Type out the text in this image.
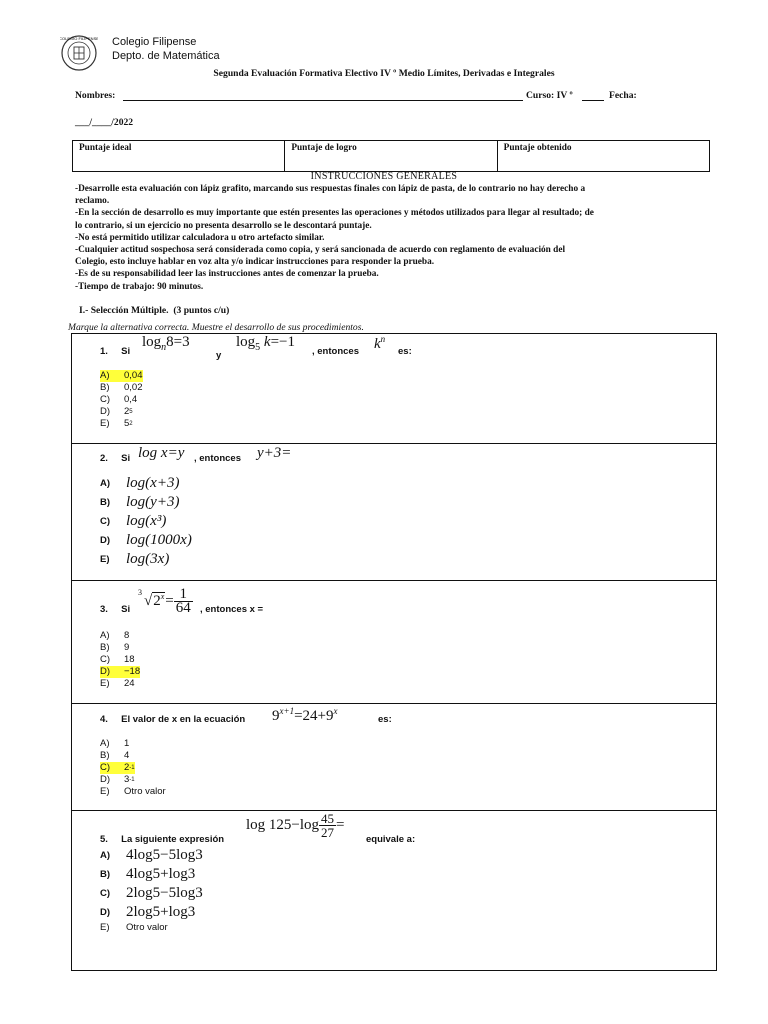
COLEGIO FILIPENSE Colegio Filipense
Depto. de Matemática
Segunda Evaluación Formativa Electivo IV º Medio Límites, Derivadas e Integrales
Nombres:	Curso: IV º	Fecha:
___/____/2022
Puntaje ideal	Puntaje de logro	Puntaje obtenido
INSTRUCCIONES GENERALES
-Desarrolle esta evaluación con lápiz grafito, marcando sus respuestas finales con lápiz de pasta, de lo contrario no hay derecho a
reclamo.
-En la sección de desarrollo es muy importante que estén presentes las operaciones y métodos utilizados para llegar al resultado; de
lo contrario, si un ejercicio no presenta desarrollo se le descontará puntaje.
-No está permitido utilizar calculadora u otro artefacto similar.
-Cualquier actitud sospechosa será considerada como copia, y será sancionada de acuerdo con reglamento de evaluación del
Colegio, esto incluye hablar en voz alta y/o indicar instrucciones para responder la prueba.
-Es de su responsabilidad leer las instrucciones antes de comenzar la prueba.
-Tiempo de trabajo: 90 minutos.
I.- Selección Múltiple. (3 puntos c/u)
Marque la alternativa correcta. Muestre el desarrollo de sus procedimientos.
1. Si
$\log_n8=3$
y
$\log_5 k=-1$
, entonces $k^n$
es:
A)	0,04
B)	0,02
C)	0,4
D)	2 5
E)	5 2
2. Si log x=y , entonces y+3=
A)	log(x+3)
B)	log(y+3)
C)	log(x³)
D)	log(1000x)
E)	log(3x)
3. Si
3
$√2^x = \frac{1}{64}$ , entonces x =
A)	8
B)	9
C)	18
D)	−18
E)	24
4. El valor de x en la ecuación $9^{x+1}=24+9^x$
es:
A)	1
B)	4
C)	2 -1
D)	3 -1
E)	Otro valor
$\log 125-\log \frac{45}{27}$ =
5. La siguiente expresión	equivale a:
A)	4log5−5log3
B)	4log5+log3
C)	2log5−5log3
D)	2log5+log3
E)	Otro valor
